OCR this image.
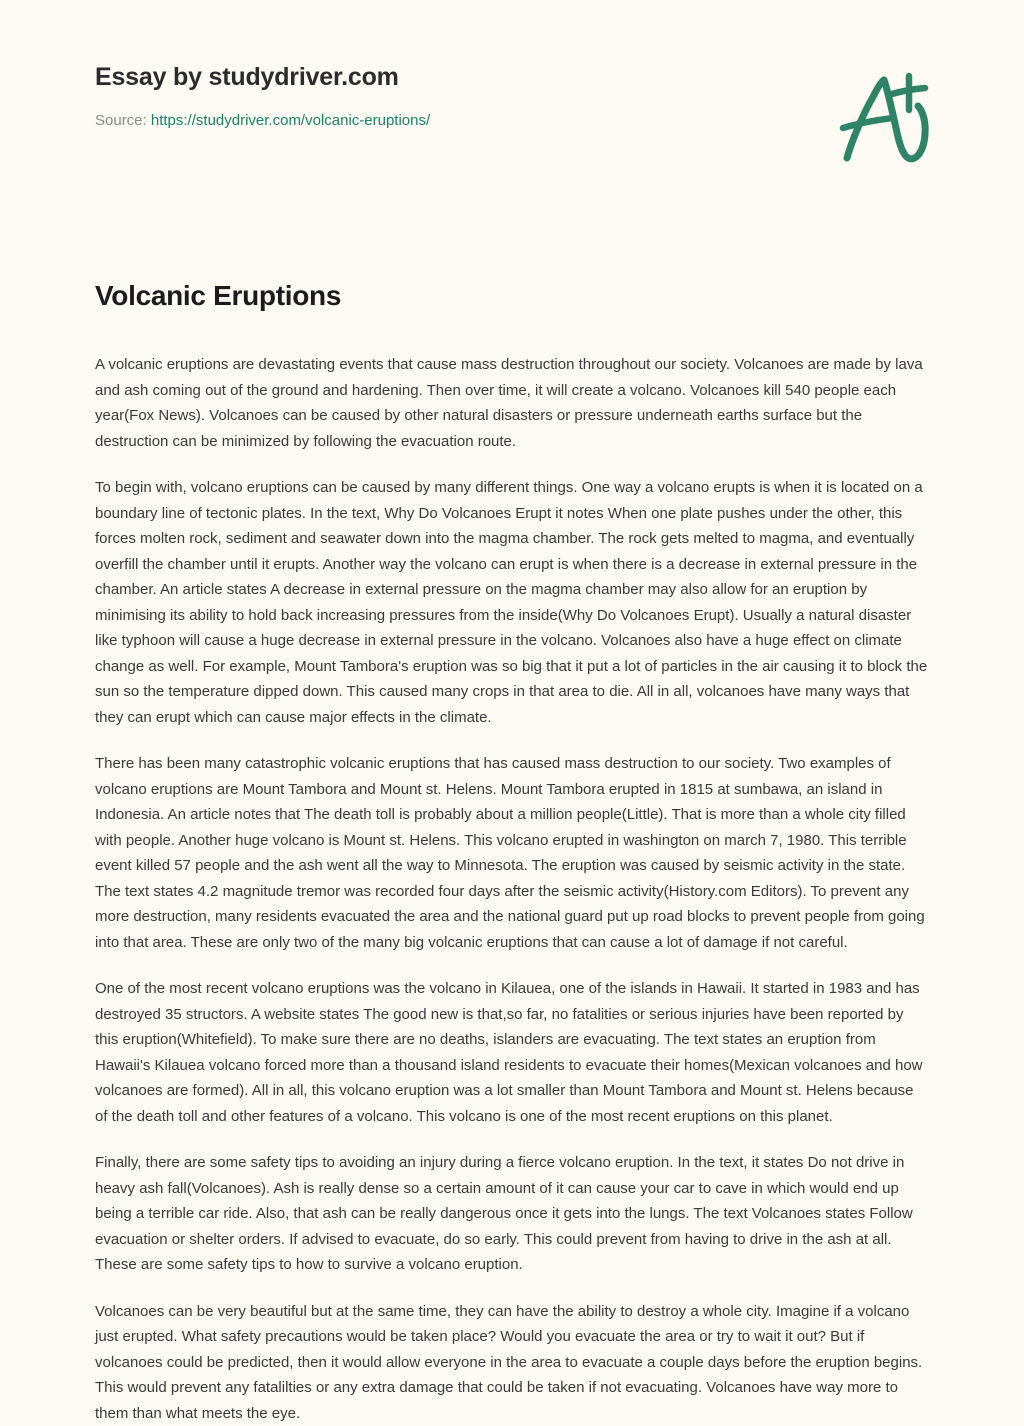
Essay by studydriver.com
Source: https://studydriver.com/volcanic-eruptions/
Volcanic Eruptions

A volcanic eruptions are devastating events that cause mass destruction throughout our society. Volcanoes are made by lava and ash coming out of the ground and hardening. Then over time, it will create a volcano. Volcanoes kill 540 people each year(Fox News). Volcanoes can be caused by other natural disasters or pressure underneath earths surface but the destruction can be minimized by following the evacuation route.

To begin with, volcano eruptions can be caused by many different things. One way a volcano erupts is when it is located on a boundary line of tectonic plates. In the text, Why Do Volcanoes Erupt it notes When one plate pushes under the other, this forces molten rock, sediment and seawater down into the magma chamber. The rock gets melted to magma, and eventually overfill the chamber until it erupts. Another way the volcano can erupt is when there is a decrease in external pressure in the chamber. An article states A decrease in external pressure on the magma chamber may also allow for an eruption by minimising its ability to hold back increasing pressures from the inside(Why Do Volcanoes Erupt). Usually a natural disaster like typhoon will cause a huge decrease in external pressure in the volcano. Volcanoes also have a huge effect on climate change as well. For example, Mount Tambora's eruption was so big that it put a lot of particles in the air causing it to block the sun so the temperature dipped down. This caused many crops in that area to die. All in all, volcanoes have many ways that they can erupt which can cause major effects in the climate.

There has been many catastrophic volcanic eruptions that has caused mass destruction to our society. Two examples of volcano eruptions are Mount Tambora and Mount st. Helens. Mount Tambora erupted in 1815 at sumbawa, an island in Indonesia. An article notes that The death toll is probably about a million people(Little). That is more than a whole city filled with people. Another huge volcano is Mount st. Helens. This volcano erupted in washington on march 7, 1980. This terrible event killed 57 people and the ash went all the way to Minnesota. The eruption was caused by seismic activity in the state. The text states 4.2 magnitude tremor was recorded four days after the seismic activity(History.com Editors). To prevent any more destruction, many residents evacuated the area and the national guard put up road blocks to prevent people from going into that area. These are only two of the many big volcanic eruptions that can cause a lot of damage if not careful.

One of the most recent volcano eruptions was the volcano in Kilauea, one of the islands in Hawaii. It started in 1983 and has destroyed 35 structors. A website states The good new is that,so far, no fatalities or serious injuries have been reported by this eruption(Whitefield). To make sure there are no deaths, islanders are evacuating. The text states an eruption from Hawaii's Kilauea volcano forced more than a thousand island residents to evacuate their homes(Mexican volcanoes and how volcanoes are formed). All in all, this volcano eruption was a lot smaller than Mount Tambora and Mount st. Helens because of the death toll and other features of a volcano. This volcano is one of the most recent eruptions on this planet.

Finally, there are some safety tips to avoiding an injury during a fierce volcano eruption. In the text, it states Do not drive in heavy ash fall(Volcanoes). Ash is really dense so a certain amount of it can cause your car to cave in which would end up being a terrible car ride. Also, that ash can be really dangerous once it gets into the lungs. The text Volcanoes states Follow evacuation or shelter orders. If advised to evacuate, do so early. This could prevent from having to drive in the ash at all. These are some safety tips to how to survive a volcano eruption.

Volcanoes can be very beautiful but at the same time, they can have the ability to destroy a whole city. Imagine if a volcano just erupted. What safety precautions would be taken place? Would you evacuate the area or try to wait it out? But if volcanoes could be predicted, then it would allow everyone in the area to evacuate a couple days before the eruption begins. This would prevent any fatalilties or any extra damage that could be taken if not evacuating. Volcanoes have way more to them than what meets the eye.
